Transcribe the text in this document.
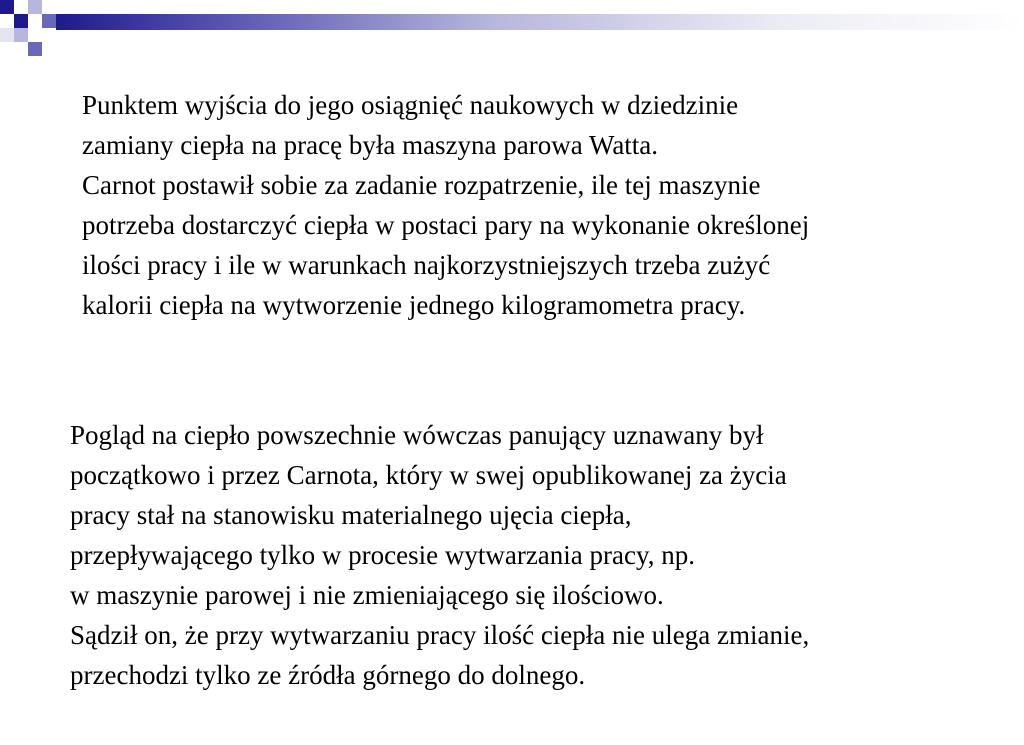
Punktem wyjścia do jego osiągnięć naukowych w dziedzinie
zamiany ciepła na pracę była maszyna parowa Watta.
Carnot postawił sobie za zadanie rozpatrzenie, ile tej maszynie
potrzeba dostarczyć ciepła w postaci pary na wykonanie określonej
ilości pracy i ile w warunkach najkorzystniejszych trzeba zużyć
kalorii ciepła na wytworzenie jednego kilogramometra pracy.

Pogląd na ciepło powszechnie wówczas panujący uznawany był
początkowo i przez Carnota, który w swej opublikowanej za życia
pracy stał na stanowisku materialnego ujęcia ciepła,
przepływającego tylko w procesie wytwarzania pracy, np.
w maszynie parowej i nie zmieniającego się ilościowo.
Sądził on, że przy wytwarzaniu pracy ilość ciepła nie ulega zmianie,
przechodzi tylko ze źródła górnego do dolnego.
